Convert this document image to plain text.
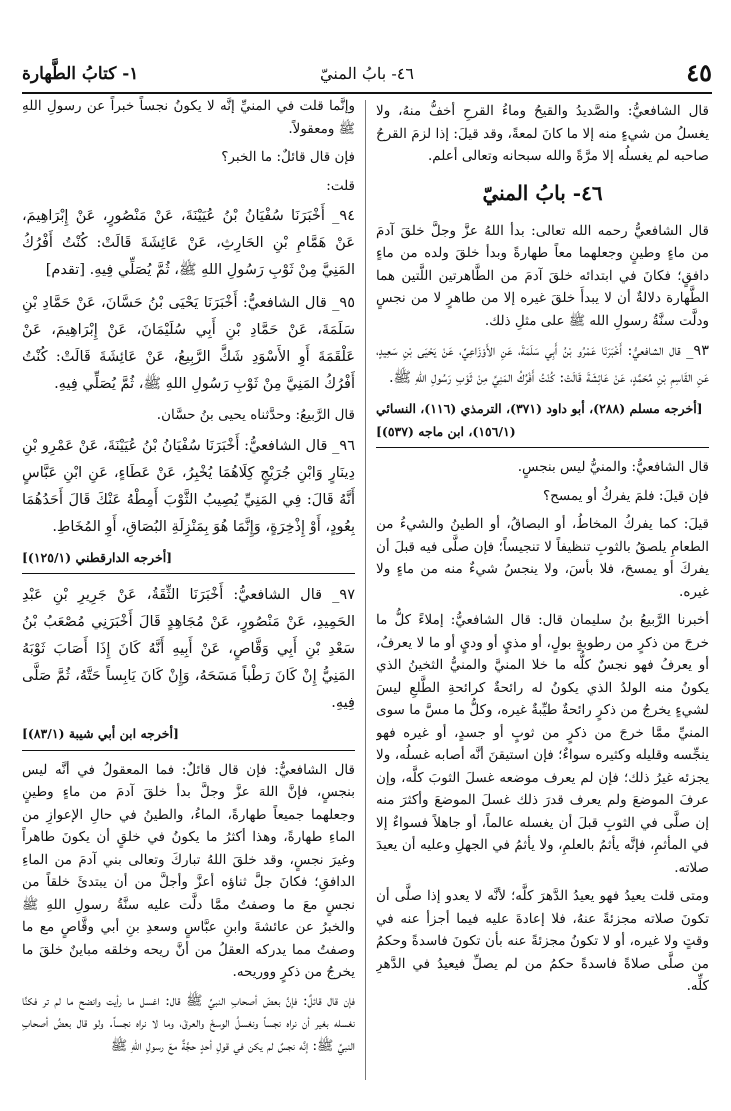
٤٥
٤٦- بابُ المنيّ
١- كتابُ الطَّهارة

قال الشافعيُّ: والصَّديدُ والقيحُ وماءُ القرحِ أخفُّ منهُ، ولا يغسلُ من شيءٍ منه إلا ما كانَ لمعةً، وقد قيلَ: إذا لزمَ القرحُ صاحبه لم يغسلُه إلا مرَّةً والله سبحانه وتعالى أعلم.

٤٦- بابُ المنيّ

قال الشافعيُّ رحمه الله تعالى: بدأ اللهُ عزَّ وجلَّ خلقَ آدمَ من ماءٍ وطينٍ وجعلهما معاً طهارةً وبدأ خلقَ ولده من ماءٍ دافقٍ؛ فكانَ في ابتدائه خلقَ آدمَ من الطَّاهرتين اللَّتين هما الطَّهارة دلالةٌ أن لا يبدأَ خلقَ غيره إلا من طاهرٍ لا من نجسٍ ودلَّت سنَّةُ رسولِ الله ﷺ على مثلِ ذلك.

٩٣_ قال الشافعيُّ: أَخْبَرَنَا عَمْرُو بْنُ أَبِي سَلَمَةَ، عَنِ الأَوْزَاعِيِّ، عَنْ يَحْيَى بْنِ سَعِيدٍ، عَنِ القَاسِمِ بْنِ مُحَمَّدٍ، عَنْ عَائِشَةَ قَالَتْ: كُنْتُ أَفْرُكُ المَنِيَّ مِنْ ثَوْبِ رَسُولِ اللهِ ﷺ.

[أخرجه مسلم (٢٨٨)، أبو داود (٣٧١)، الترمذي (١١٦)، النسائي (١٥٦/١)، ابن ماجه (٥٣٧)]

قال الشافعيُّ: والمنيُّ ليس بنجسٍ.

فإن قيلَ: فلمَ يفركُ أو يمسح؟

قيلَ: كما يفركُ المخاطُ، أو البصاقُ، أو الطينُ والشيءُ من الطعامِ يلصقُ بالثوبِ تنظيفاً لا تنجيساً؛ فإن صلَّى فيه قبلَ أن يفركَ أو يمسحَ، فلا بأسَ، ولا ينجسُ شيءٌ منه من ماءٍ ولا غيره.

أخبرنا الرَّبيعُ بنُ سليمان قال: قال الشافعيُّ: إملاءً كلُّ ما خرجَ من ذكرٍ من رطوبةٍ بولٍ، أو مذيٍ أو وديٍ أو ما لا يعرفُ، أو يعرفُ فهو نجسٌ كلُّه ما خلا المنيَّ والمنيُّ الثخينُ الذي يكونُ منه الولدُ الذي يكونُ له رائحةٌ كرائحةِ الطَّلعِ ليسَ لشيءٍ يخرجُ من ذكرٍ رائحةٌ طيِّبةٌ غيره، وكلُّ ما مسَّ ما سوى المنيِّ ممَّا خرجَ من ذكرٍ من ثوبٍ أو جسدٍ، أو غيره فهو ينجِّسه وقليله وكثيره سواءٌ؛ فإن استيقنَ أنَّه أصابه غسلُه، ولا يجزئه غيرُ ذلك؛ فإن لم يعرف موضعه غسلَ الثوبَ كلَّه، وإن عرفَ الموضعَ ولم يعرف قدرَ ذلك غسلَ الموضعَ وأكثرَ منه إن صلَّى في الثوبِ قبلَ أن يغسله عالماً، أو جاهلاً فسواءٌ إلا في المأثمِ، فإنَّه يأثمُ بالعلمِ، ولا يأثمُ في الجهلِ وعليه أن يعيدَ صلاته.

ومتى قلت يعيدُ فهو يعيدُ الدَّهرَ كلَّه؛ لأنَّه لا يعدو إذا صلَّى أن تكونَ صلاته مجزئةً عنهُ، فلا إعادةَ عليه فيما أجزأ عنه في وقتٍ ولا غيره، أو لا تكونُ مجزئةً عنه بأن تكونَ فاسدةً وحكمُ من صلَّى صلاةً فاسدةً حكمُ من لم يصلِّ فيعيدُ في الدَّهرِ كلِّه.

وإنَّما قلت في المنيِّ إنَّه لا يكونُ نجساً خبراً عن رسولِ اللهِ ﷺ ومعقولاً.

فإن قال قائلٌ: ما الخبر؟

قلت:

٩٤_ أَخْبَرَنَا سُفْيَانُ بْنُ عُيَيْنَةَ، عَنْ مَنْصُورٍ، عَنْ إِبْرَاهِيمَ، عَنْ هَمَّامِ بْنِ الحَارِثِ، عَنْ عَائِشَةَ قَالَتْ: كُنْتُ أَفْرُكُ المَنِيَّ مِنْ ثَوْبِ رَسُولِ اللهِ ﷺ، ثُمَّ يُصَلِّي فِيهِ. [تقدم]

٩٥_ قال الشافعيُّ: أَخْبَرَنَا يَحْيَى بْنُ حَسَّانَ، عَنْ حَمَّادِ بْنِ سَلَمَةَ، عَنْ حَمَّادِ بْنِ أَبِي سُلَيْمَانَ، عَنْ إِبْرَاهِيمَ، عَنْ عَلْقَمَةَ أَوِ الأَسْوَدِ شَكَّ الرَّبِيعُ، عَنْ عَائِشَةَ قَالَتْ: كُنْتُ أَفْرُكُ المَنِيَّ مِنْ ثَوْبِ رَسُولِ اللهِ ﷺ، ثُمَّ يُصَلِّي فِيهِ.

قال الرَّبيعُ: وحدَّثناه يحيى بنُ حسَّان.

٩٦_ قال الشافعيُّ: أَخْبَرَنَا سُفْيَانُ بْنُ عُيَيْنَةَ، عَنْ عَمْرِو بْنِ دِينَارٍ وَابْنِ جُرَيْجٍ كِلَاهُمَا يُخْبِرُ، عَنْ عَطَاءٍ، عَنِ ابْنِ عَبَّاسٍ أَنَّهُ قَالَ: فِي المَنِيِّ يُصِيبُ الثَّوْبَ أَمِطْهُ عَنْكَ قَالَ أَحَدُهُمَا بِعُودٍ، أَوْ إِذْخِرَةٍ، وَإِنَّمَا هُوَ بِمَنْزِلَةِ البُصَاقِ، أَوِ المُخَاطِ.

[أخرجه الدارقطني (١٢٥/١)]

٩٧_ قال الشافعيُّ: أَخْبَرَنَا الثِّقَةُ، عَنْ جَرِيرِ بْنِ عَبْدِ الحَمِيدِ، عَنْ مَنْصُورٍ، عَنْ مُجَاهِدٍ قَالَ أَخْبَرَنِي مُصْعَبُ بْنُ سَعْدِ بْنِ أَبِي وَقَّاصٍ، عَنْ أَبِيهِ أَنَّهُ كَانَ إِذَا أَصَابَ ثَوْبَهُ المَنِيُّ إِنْ كَانَ رَطْباً مَسَحَهُ، وَإِنْ كَانَ يَابِساً حَتَّهُ، ثُمَّ صَلَّى فِيهِ.

[أخرجه ابن أبي شيبة (٨٣/١)]

قال الشافعيُّ: فإن قال قائلٌ: فما المعقولُ في أنَّه ليس بنجسٍ، فإنَّ اللهَ عزَّ وجلَّ بدأ خلقَ آدمَ من ماءٍ وطينٍ وجعلهما جميعاً طهارةً، الماءُ، والطينُ في حالِ الإعوازِ من الماءِ طهارةً، وهذا أكثرُ ما يكونُ في خلقٍ أن يكونَ طاهراً وغيرَ نجسٍ، وقد خلقَ اللهُ تباركَ وتعالى بني آدمَ من الماءِ الدافقِ؛ فكانَ جلَّ ثناؤه أعزَّ وأجلَّ من أن يبتدئَ خلقاً من نجسٍ معَ ما وصفتُ ممَّا دلَّت عليه سنَّةُ رسولِ اللهِ ﷺ والخبرُ عن عائشةَ وابنِ عبَّاسٍ وسعدِ بنِ أبي وقَّاصٍ مع ما وصفتُ مما يدركه العقلُ من أنَّ ريحه وخلقه مباينٌ خلقَ ما يخرجُ من ذكرٍ ووريحه.

فإن قال قائلٌ: فإنَّ بعضَ أصحابِ النبيِّ ﷺ قال: اغسل ما رأيت وانضح ما لم تر فكنَّا نغسله بغير أن نراه نجساً ونغسلُ الوسخَ والعرقَ، وما لا نراه نجساً. ولو قال بعضُ أصحابِ النبيِّ ﷺ: إنَّه نجسٌ لم يكن في قولِ أحدٍ حجَّةٌ معَ رسولِ اللهِ ﷺ
